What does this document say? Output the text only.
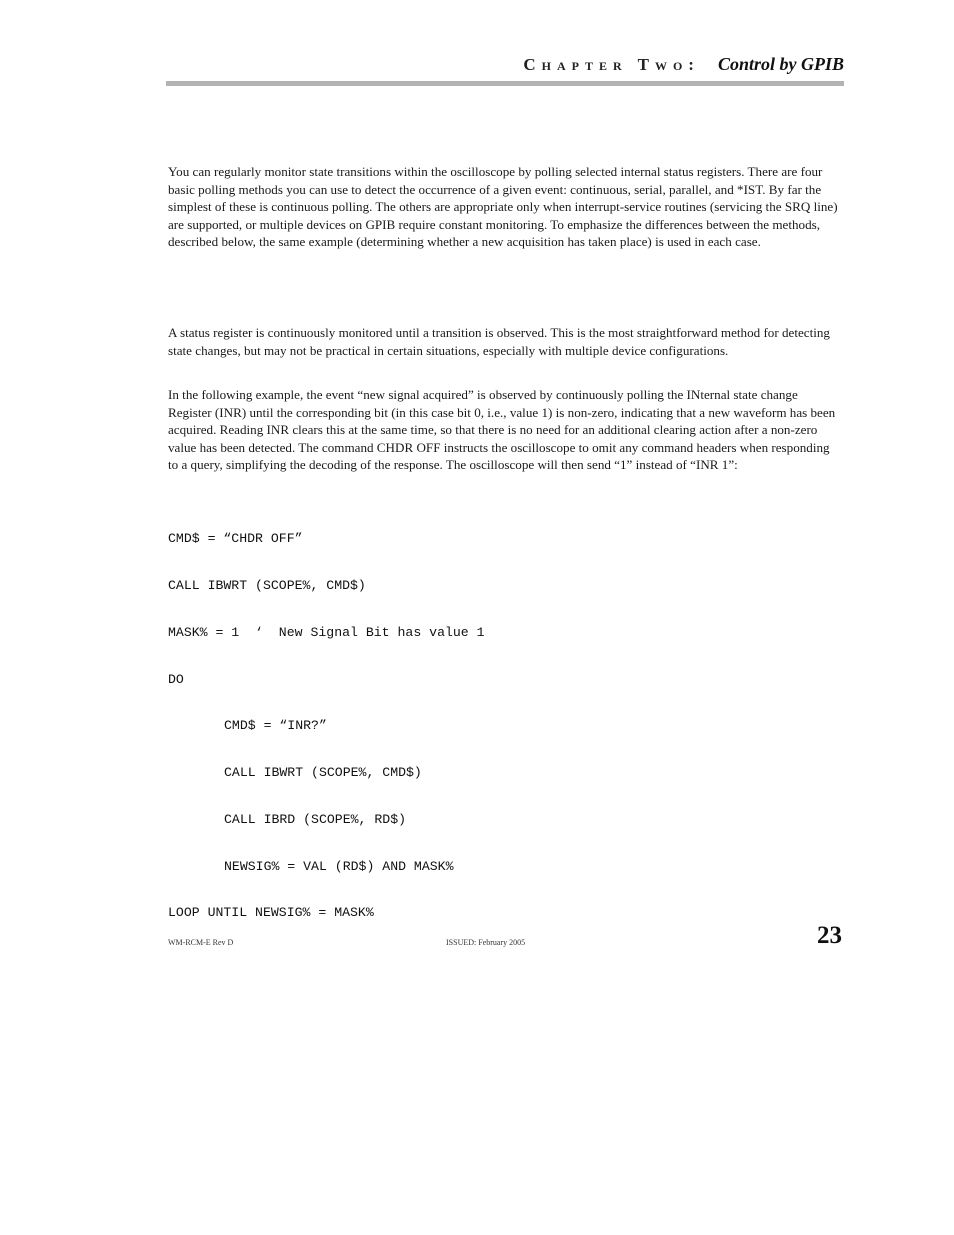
Chapter Two: Control by GPIB

You can regularly monitor state transitions within the oscilloscope by polling selected internal status registers. There are four basic polling methods you can use to detect the occurrence of a given event: continuous, serial, parallel, and *IST. By far the simplest of these is continuous polling. The others are appropriate only when interrupt-service routines (servicing the SRQ line) are supported, or multiple devices on GPIB require constant monitoring. To emphasize the differences between the methods, described below, the same example (determining whether a new acquisition has taken place) is used in each case.

A status register is continuously monitored until a transition is observed. This is the most straightforward method for detecting state changes, but may not be practical in certain situations, especially with multiple device configurations.

In the following example, the event “new signal acquired” is observed by continuously polling the INternal state change Register (INR) until the corresponding bit (in this case bit 0, i.e., value 1) is non-zero, indicating that a new waveform has been acquired. Reading INR clears this at the same time, so that there is no need for an additional clearing action after a non-zero value has been detected. The command CHDR OFF instructs the oscilloscope to omit any command headers when responding to a query, simplifying the decoding of the response. The oscilloscope will then send “1” instead of “INR 1”:

CMD$ = “CHDR OFF”

CALL IBWRT (SCOPE%, CMD$)

MASK% = 1  ‘  New Signal Bit has value 1

DO

CMD$ = “INR?”

CALL IBWRT (SCOPE%, CMD$)

CALL IBRD (SCOPE%, RD$)

NEWSIG% = VAL (RD$) AND MASK%

LOOP UNTIL NEWSIG% = MASK%

WM-RCM-E Rev D	ISSUED: February 2005	23
